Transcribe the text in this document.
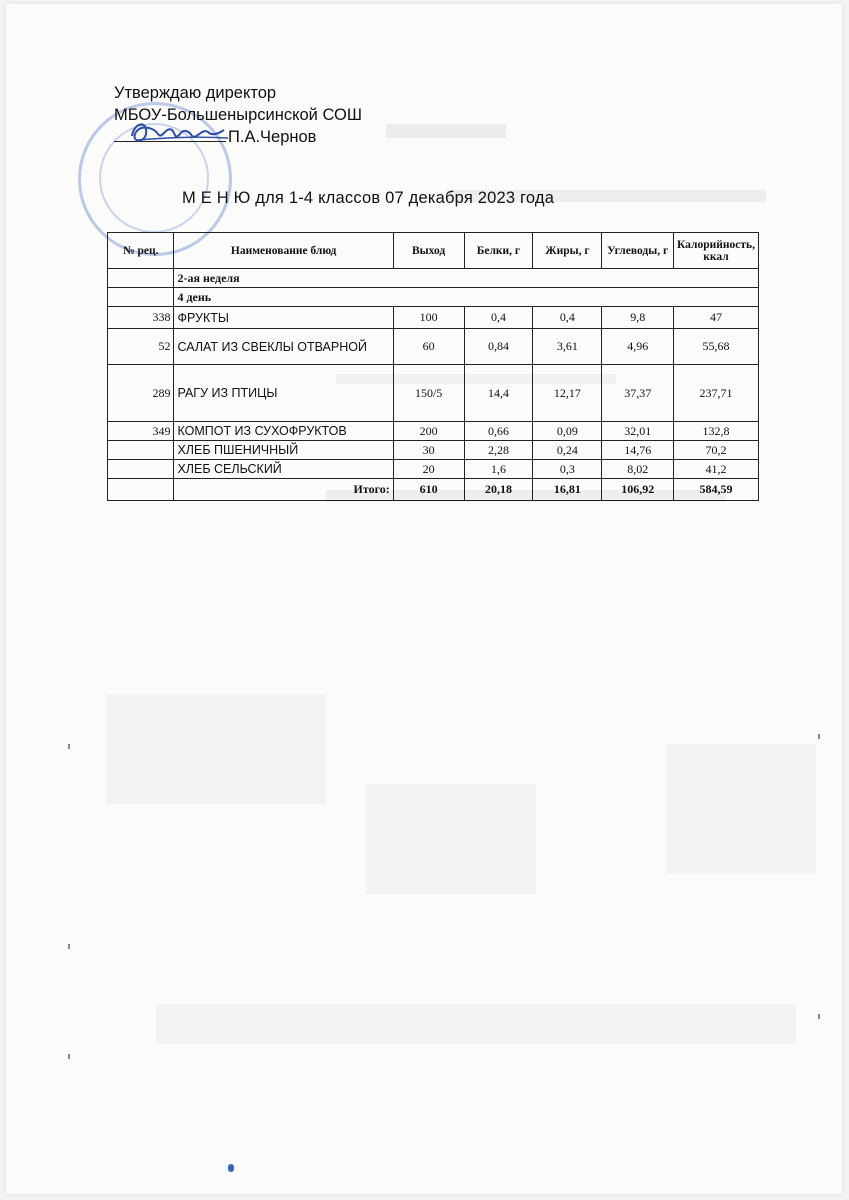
Утверждаю директор
МБОУ-Большенырсинской СОШ
П.А.Чернов
М Е Н Ю для 1-4 классов 07 декабря 2023 года
№ рец.	Наименование блюд	Выход	Белки, г	Жиры, г	Углеводы, г	Калорийность, ккал
	2-ая неделя					
	4 день					
338	ФРУКТЫ	100	0,4	0,4	9,8	47
52	САЛАТ ИЗ СВЕКЛЫ ОТВАРНОЙ	60	0,84	3,61	4,96	55,68
289	РАГУ ИЗ ПТИЦЫ	150/5	14,4	12,17	37,37	237,71
349	КОМПОТ ИЗ СУХОФРУКТОВ	200	0,66	0,09	32,01	132,8
	ХЛЕБ ПШЕНИЧНЫЙ	30	2,28	0,24	14,76	70,2
	ХЛЕБ СЕЛЬСКИЙ	20	1,6	0,3	8,02	41,2
	Итого:	610	20,18	16,81	106,92	584,59
